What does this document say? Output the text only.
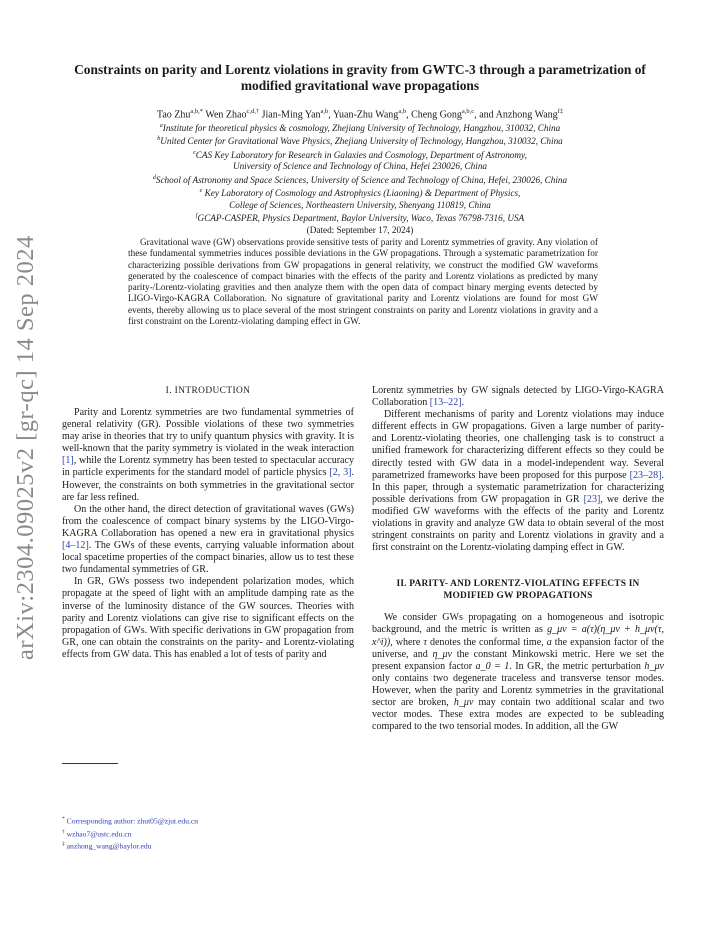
arXiv:2304.09025v2 [gr-qc] 14 Sep 2024
Constraints on parity and Lorentz violations in gravity from GWTC-3 through a parametrization of modified gravitational wave propagations
Tao Zhu$^{a,b,*}$ Wen Zhao$^{c,d,\dagger}$ Jian-Ming Yan$^{a,b}$, Yuan-Zhu Wang$^{a,b}$, Cheng Gong$^{a,b,c}$, and Anzhong Wang$^{f\ddagger}$
$^a$Institute for theoretical physics & cosmology, Zhejiang University of Technology, Hangzhou, 310032, China
$^b$United Center for Gravitational Wave Physics, Zhejiang University of Technology, Hangzhou, 310032, China
$^c$CAS Key Laboratory for Research in Galaxies and Cosmology, Department of Astronomy,
University of Science and Technology of China, Hefei 230026, China
$^d$School of Astronomy and Space Sciences, University of Science and Technology of China, Hefei, 230026, China
$^e$ Key Laboratory of Cosmology and Astrophysics (Liaoning) & Department of Physics,
College of Sciences, Northeastern University, Shenyang 110819, China
$^f$GCAP-CASPER, Physics Department, Baylor University, Waco, Texas 76798-7316, USA
(Dated: September 17, 2024)
Gravitational wave (GW) observations provide sensitive tests of parity and Lorentz symmetries of gravity. Any violation of these fundamental symmetries induces possible deviations in the GW propagations. Through a systematic parametrization for characterizing possible derivations from GW propagations in general relativity, we construct the modified GW waveforms generated by the coalescence of compact binaries with the effects of the parity and Lorentz violations as predicted by many parity-/Lorentz-violating gravities and then analyze them with the open data of compact binary merging events detected by LIGO-Virgo-KAGRA Collaboration. No signature of gravitational parity and Lorentz violations are found for most GW events, thereby allowing us to place several of the most stringent constraints on parity and Lorentz violations in gravity and a first constraint on the Lorentz-violating damping effect in GW.
I. INTRODUCTION

Parity and Lorentz symmetries are two fundamental symmetries of general relativity (GR). Possible violations of these two symmetries may arise in theories that try to unify quantum physics with gravity. It is well-known that the parity symmetry is violated in the weak interaction [1], while the Lorentz symmetry has been tested to spectacular accuracy in particle experiments for the standard model of particle physics [2, 3]. However, the constraints on both symmetries in the gravitational sector are far less refined.

On the other hand, the direct detection of gravitational waves (GWs) from the coalescence of compact binary systems by the LIGO-Virgo-KAGRA Collaboration has opened a new era in gravitational physics [4–12]. The GWs of these events, carrying valuable information about local spacetime properties of the compact binaries, allow us to test these two fundamental symmetries of GR.

In GR, GWs possess two independent polarization modes, which propagate at the speed of light with an amplitude damping rate as the inverse of the luminosity distance of the GW sources. Theories with parity and Lorentz violations can give rise to significant effects on the propagation of GWs. With specific derivations in GW propagation from GR, one can obtain the constraints on the parity- and Lorentz-violating effects from GW data. This has enabled a lot of tests of parity and

* Corresponding author: zhut05@zjut.edu.cn
† wzhao7@ustc.edu.cn
‡ anzhong_wang@baylor.edu

Lorentz symmetries by GW signals detected by LIGO-Virgo-KAGRA Collaboration [13–22].

Different mechanisms of parity and Lorentz violations may induce different effects in GW propagations. Given a large number of parity- and Lorentz-violating theories, one challenging task is to construct a unified framework for characterizing different effects so they could be directly tested with GW data in a model-independent way. Several parametrized frameworks have been proposed for this purpose [23–28]. In this paper, through a systematic parametrization for characterizing possible derivations from GW propagation in GR [23], we derive the modified GW waveforms with the effects of the parity and Lorentz violations in gravity and analyze GW data to obtain several of the most stringent constraints on parity and Lorentz violations in gravity and a first constraint on the Lorentz-violating damping effect in GW.

II. PARITY- AND LORENTZ-VIOLATING EFFECTS IN MODIFIED GW PROPAGATIONS

We consider GWs propagating on a homogeneous and isotropic background, and the metric is written as g_μν = a(τ)(η_μν + h_μν(τ, x^i)), where τ denotes the conformal time, a the expansion factor of the universe, and η_μν the constant Minkowski metric. Here we set the present expansion factor a_0 = 1. In GR, the metric perturbation h_μν only contains two degenerate traceless and transverse tensor modes. However, when the parity and Lorentz symmetries in the gravitational sector are broken, h_μν may contain two additional scalar and two vector modes. These extra modes are expected to be subleading compared to the two tensorial modes. In addition, all the GW
